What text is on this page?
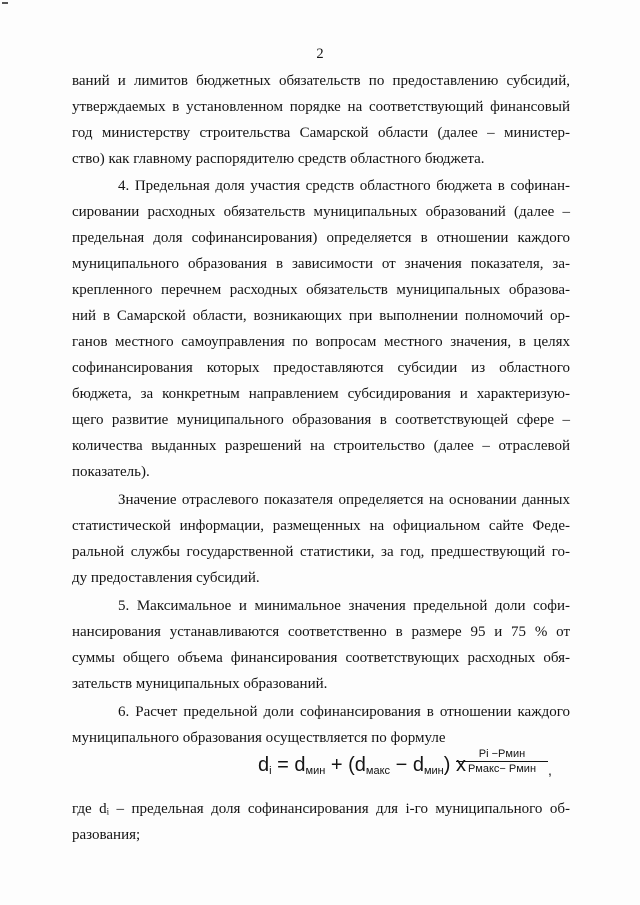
2
ваний и лимитов бюджетных обязательств по предоставлению субсидий,
утверждаемых в установленном порядке на соответствующий финансовый
год министерству строительства Самарской области (далее – министер-
ство) как главному распорядителю средств областного бюджета.
4. Предельная доля участия средств областного бюджета в софинан-
сировании расходных обязательств муниципальных образований (далее –
предельная доля софинансирования) определяется в отношении каждого
муниципального образования в зависимости от значения показателя, за-
крепленного перечнем расходных обязательств муниципальных образова-
ний в Самарской области, возникающих при выполнении полномочий ор-
ганов местного самоуправления по вопросам местного значения, в целях
софинансирования которых предоставляются субсидии из областного
бюджета, за конкретным направлением субсидирования и характеризую-
щего развитие муниципального образования в соответствующей сфере –
количества выданных разрешений на строительство (далее – отраслевой
показатель).
Значение отраслевого показателя определяется на основании данных
статистической информации, размещенных на официальном сайте Феде-
ральной службы государственной статистики, за год, предшествующий го-
ду предоставления субсидий.
5. Максимальное и минимальное значения предельной доли софи-
нансирования устанавливаются соответственно в размере 95 и 75 % от
суммы общего объема финансирования соответствующих расходных обя-
зательств муниципальных образований.
6. Расчет предельной доли софинансирования в отношении каждого
муниципального образования осуществляется по формуле
$d_i = d_{мин} + (d_{макс} - d_{мин})$ x	Pi −Pмин
Pмакс− Pмин ,
где dᵢ – предельная доля софинансирования для i-го муниципального об-
разования;
